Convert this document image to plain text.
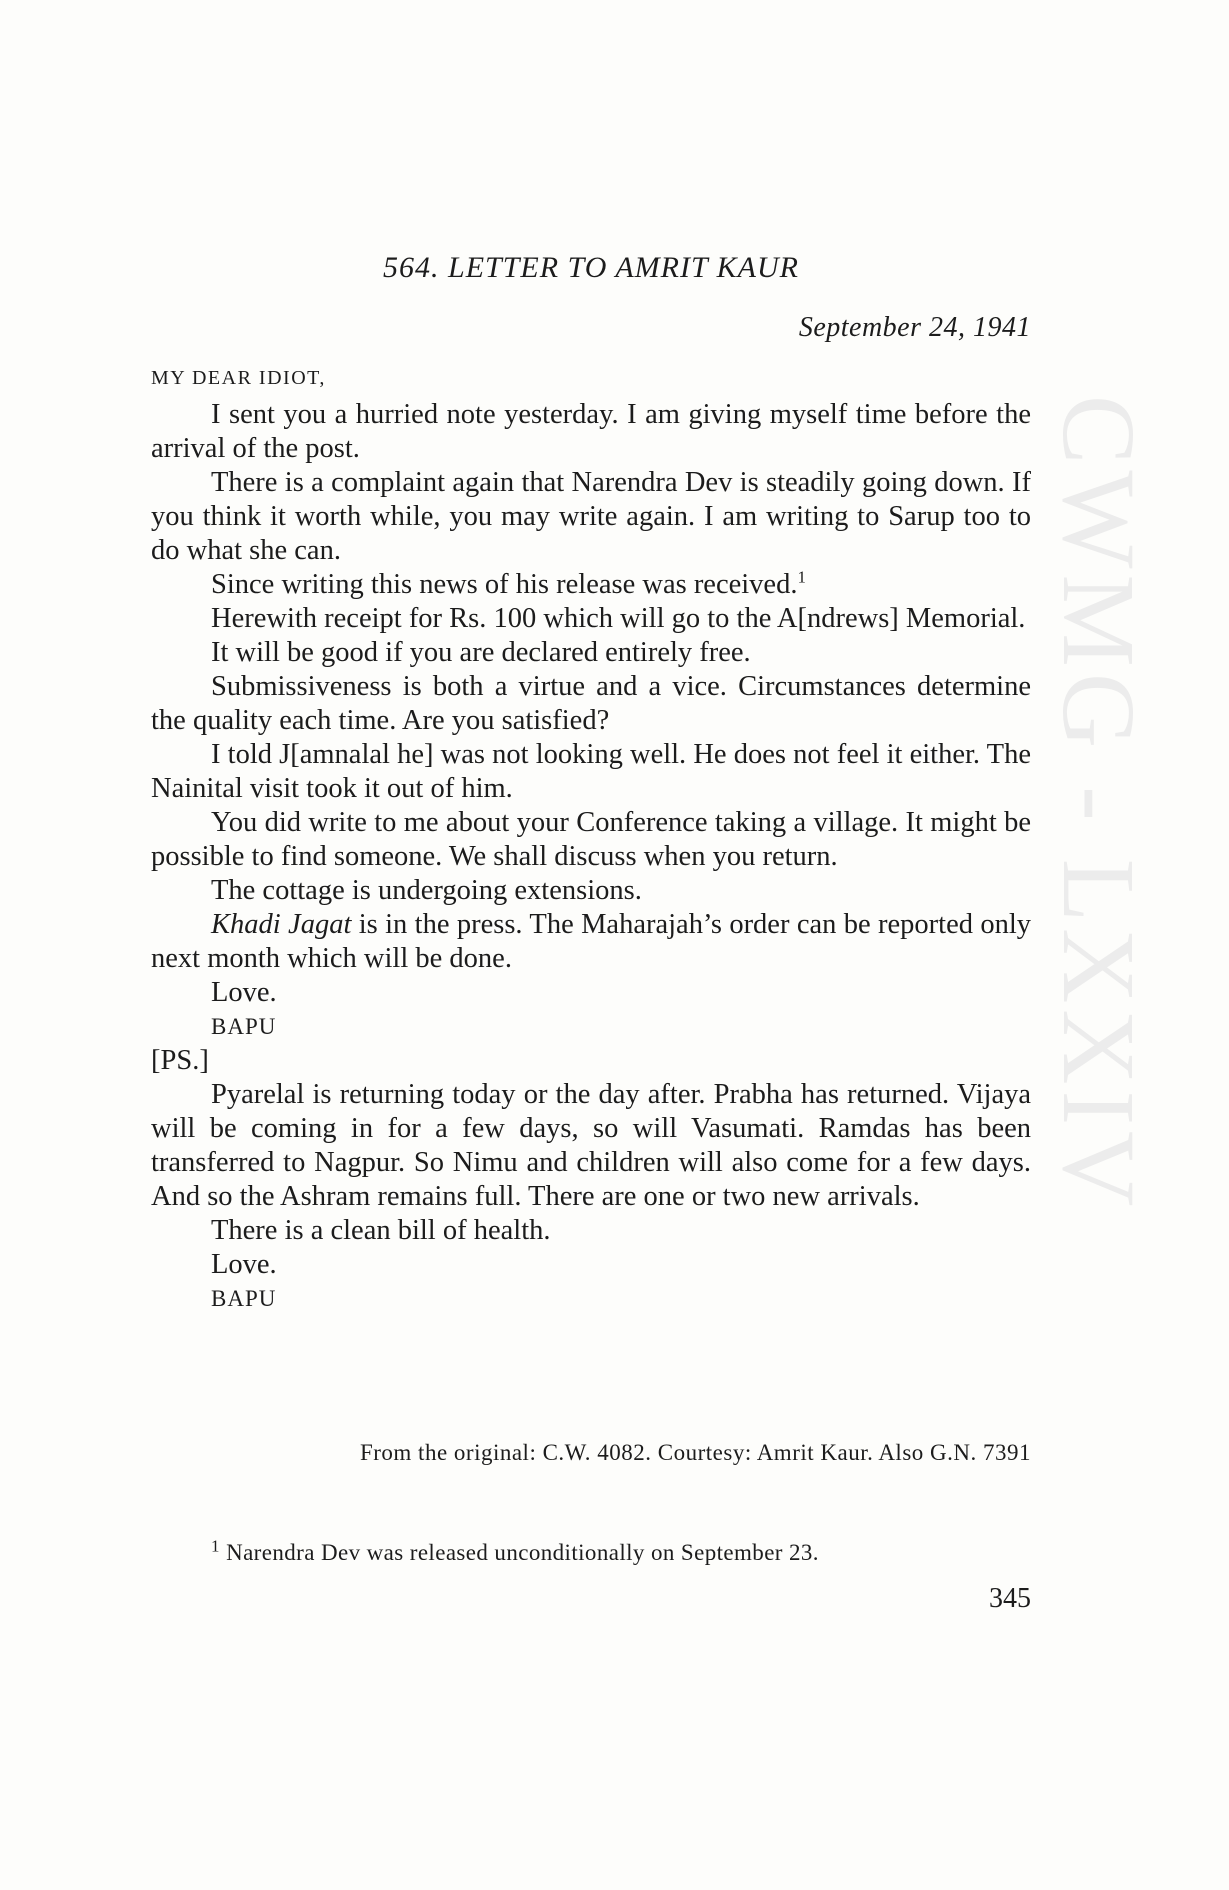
CWMG - LXXIV
564. LETTER TO AMRIT KAUR
September 24, 1941
MY DEAR IDIOT,

I sent you a hurried note yesterday. I am giving myself time before the arrival of the post.

There is a complaint again that Narendra Dev is steadily going down. If you think it worth while, you may write again. I am writing to Sarup too to do what she can.

Since writing this news of his release was received.$^1$

Herewith receipt for Rs. 100 which will go to the A[ndrews] Memorial.

It will be good if you are declared entirely free.

Submissiveness is both a virtue and a vice. Circumstances determine the quality each time. Are you satisfied?

I told J[amnalal he] was not looking well. He does not feel it either. The Nainital visit took it out of him.

You did write to me about your Conference taking a village. It might be possible to find someone. We shall discuss when you return.

The cottage is undergoing extensions.

Khadi Jagat is in the press. The Maharajah’s order can be reported only next month which will be done.

Love.

BAPU

[PS.]

Pyarelal is returning today or the day after. Prabha has returned. Vijaya will be coming in for a few days, so will Vasumati. Ramdas has been transferred to Nagpur. So Nimu and children will also come for a few days. And so the Ashram remains full. There are one or two new arrivals.

There is a clean bill of health.

Love.

BAPU

From the original: C.W. 4082. Courtesy: Amrit Kaur. Also G.N. 7391
$^1$ Narendra Dev was released unconditionally on September 23.
345
